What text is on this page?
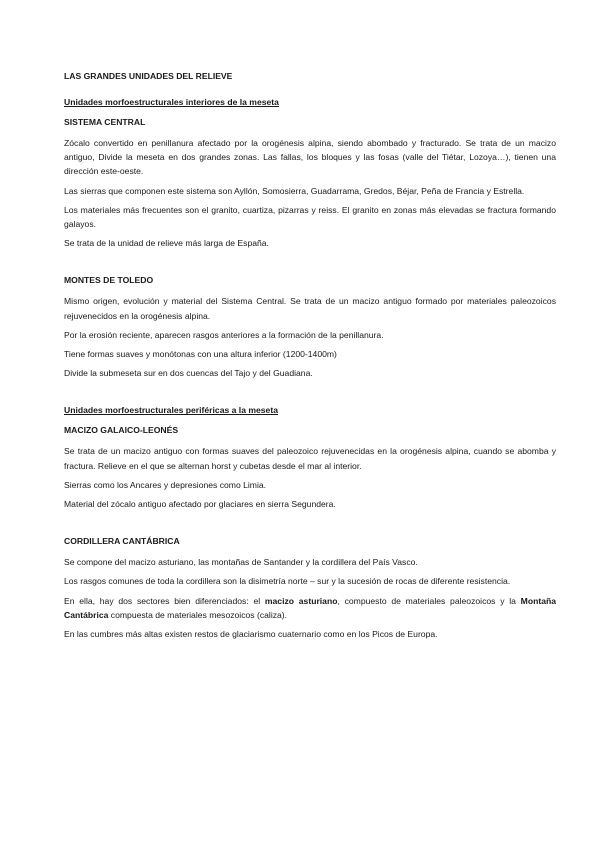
LAS GRANDES UNIDADES DEL RELIEVE
Unidades morfoestructurales interiores de la meseta
SISTEMA CENTRAL

Zócalo convertido en penillanura afectado por la orogénesis alpina, siendo abombado y fracturado. Se trata de un macizo antiguo, Divide la meseta en dos grandes zonas. Las fallas, los bloques y las fosas (valle del Tiétar, Lozoya…), tienen una dirección este-oeste.

Las sierras que componen este sistema son Ayllón, Somosierra, Guadarrama, Gredos, Béjar, Peña de Francia y Estrella.

Los materiales más frecuentes son el granito, cuartiza, pizarras y reiss. El granito en zonas más elevadas se fractura formando galayos.

Se trata de la unidad de relieve más larga de España.

MONTES DE TOLEDO

Mismo origen, evolución y material del Sistema Central. Se trata de un macizo antiguo formado por materiales paleozoicos rejuvenecidos en la orogénesis alpina.

Por la erosión reciente, aparecen rasgos anteriores a la formación de la penillanura.

Tiene formas suaves y monótonas con una altura inferior (1200-1400m)

Divide la submeseta sur en dos cuencas del Tajo y del Guadiana.

Unidades morfoestructurales periféricas a la meseta
MACIZO GALAICO-LEONÉS

Se trata de un macizo antiguo con formas suaves del paleozoico rejuvenecidas en la orogénesis alpina, cuando se abomba y fractura. Relieve en el que se alternan horst y cubetas desde el mar al interior.

Sierras como los Ancares y depresiones como Limia.

Material del zócalo antiguo afectado por glaciares en sierra Segundera.

CORDILLERA CANTÁBRICA

Se compone del macizo asturiano, las montañas de Santander y la cordillera del País Vasco.

Los rasgos comunes de toda la cordillera son la disimetría norte – sur y la sucesión de rocas de diferente resistencia.

En ella, hay dos sectores bien diferenciados: el macizo asturiano, compuesto de materiales paleozoicos y la Montaña Cantábrica compuesta de materiales mesozoicos (caliza).

En las cumbres más altas existen restos de glaciarismo cuaternario como en los Picos de Europa.
